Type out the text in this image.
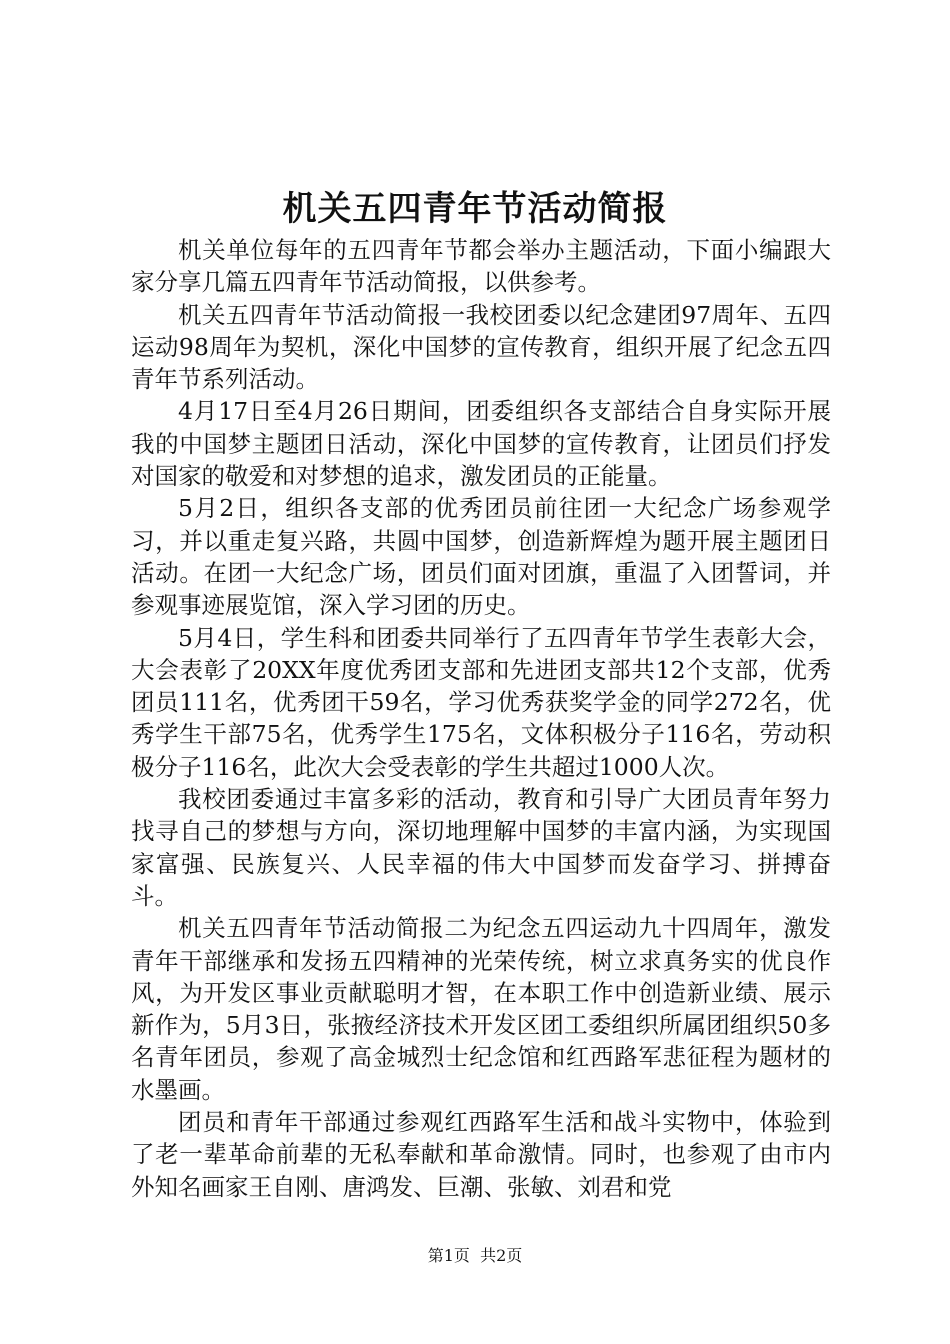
机关五四青年节活动简报

机关单位每年的五四青年节都会举办主题活动，下面小编跟大家分享几篇五四青年节活动简报，以供参考。

机关五四青年节活动简报一我校团委以纪念建团97周年、五四运动98周年为契机，深化中国梦的宣传教育，组织开展了纪念五四青年节系列活动。

4月17日至4月26日期间，团委组织各支部结合自身实际开展我的中国梦主题团日活动，深化中国梦的宣传教育，让团员们抒发对国家的敬爱和对梦想的追求，激发团员的正能量。

5月2日，组织各支部的优秀团员前往团一大纪念广场参观学习，并以重走复兴路，共圆中国梦，创造新辉煌为题开展主题团日活动。在团一大纪念广场，团员们面对团旗，重温了入团誓词，并参观事迹展览馆，深入学习团的历史。

5月4日，学生科和团委共同举行了五四青年节学生表彰大会，大会表彰了20XX年度优秀团支部和先进团支部共12个支部，优秀团员111名，优秀团干59名，学习优秀获奖学金的同学272名，优秀学生干部75名，优秀学生175名，文体积极分子116名，劳动积极分子116名，此次大会受表彰的学生共超过1000人次。

我校团委通过丰富多彩的活动，教育和引导广大团员青年努力找寻自己的梦想与方向，深切地理解中国梦的丰富内涵，为实现国家富强、民族复兴、人民幸福的伟大中国梦而发奋学习、拼搏奋斗。

机关五四青年节活动简报二为纪念五四运动九十四周年，激发青年干部继承和发扬五四精神的光荣传统，树立求真务实的优良作风，为开发区事业贡献聪明才智，在本职工作中创造新业绩、展示新作为，5月3日，张掖经济技术开发区团工委组织所属团组织50多名青年团员，参观了高金城烈士纪念馆和红西路军悲征程为题材的水墨画。

团员和青年干部通过参观红西路军生活和战斗实物中，体验到了老一辈革命前辈的无私奉献和革命激情。同时，也参观了由市内外知名画家王自刚、唐鸿发、巨潮、张敏、刘君和党

第1页 共2页
